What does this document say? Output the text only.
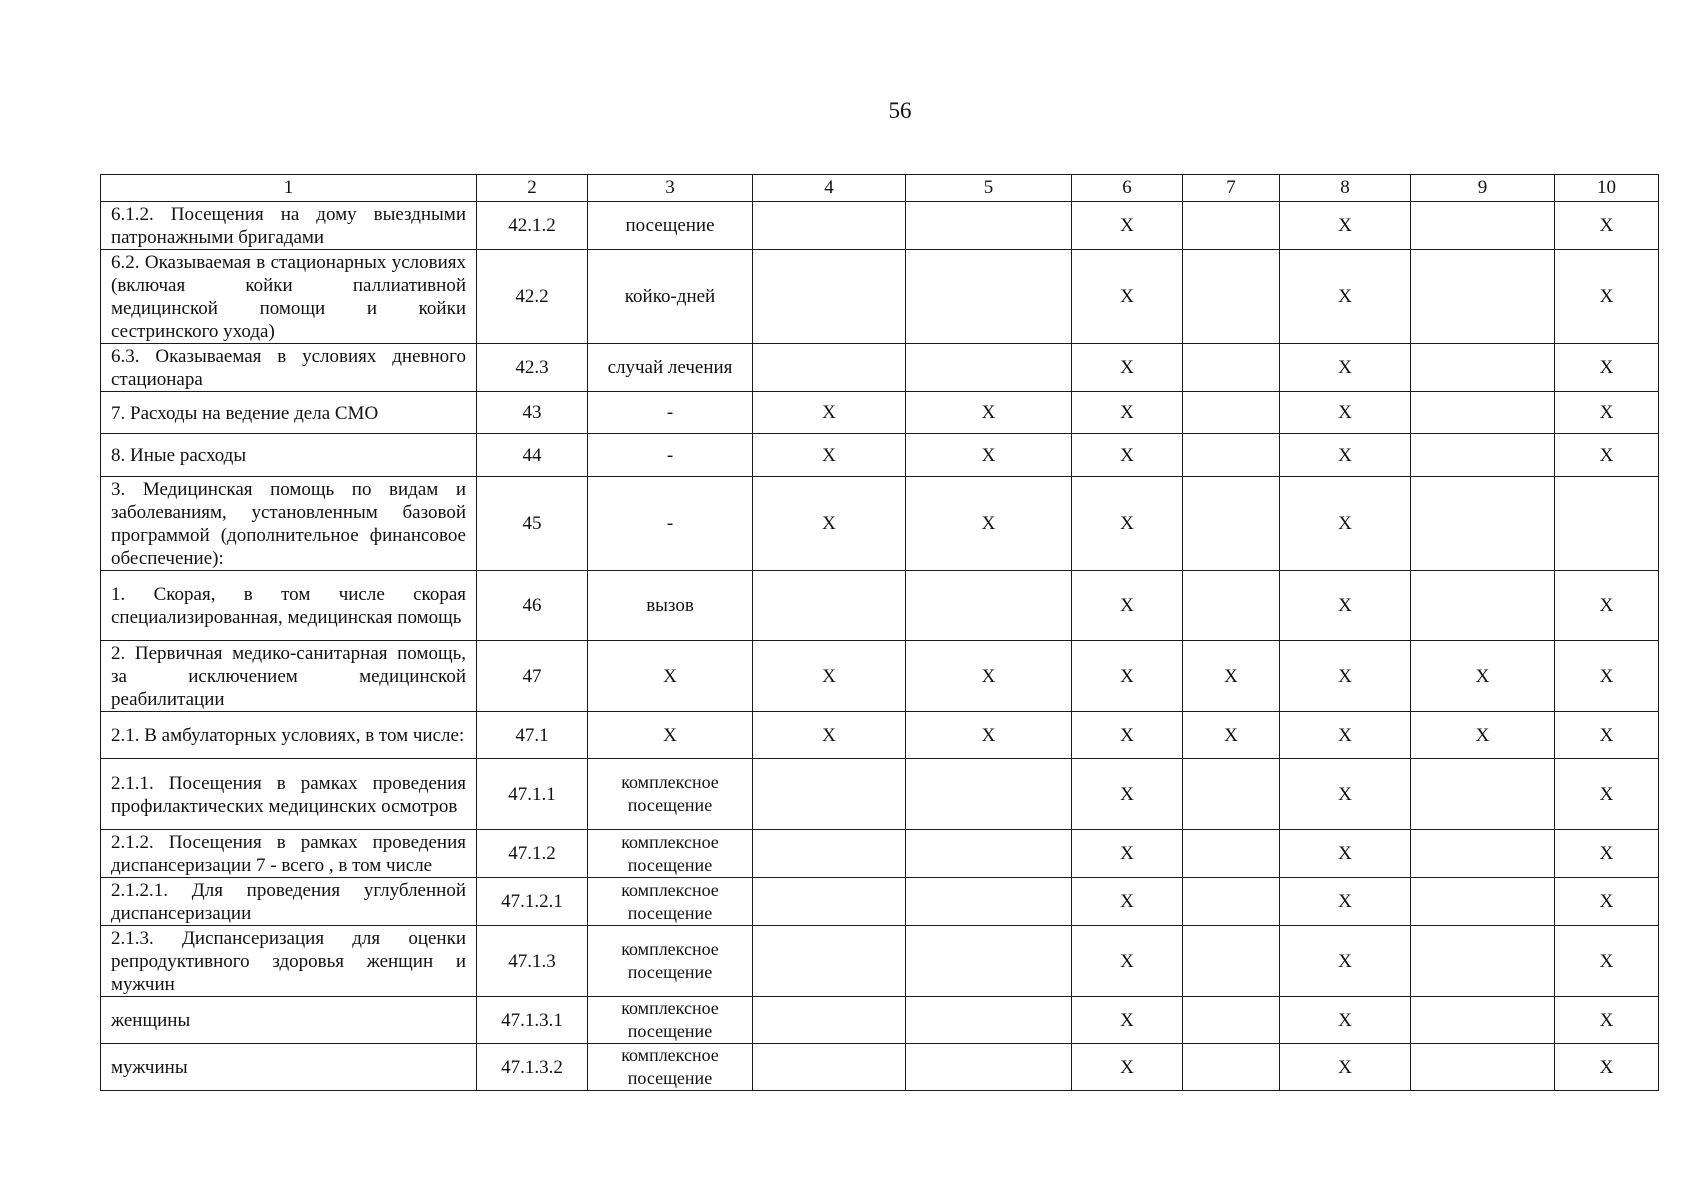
56
1	2	3	4	5	6	7	8	9	10
6.1.2. Посещения на дому выездными патронажными бригадами	42.1.2	посещение			X		X		X
6.2. Оказываемая в стационарных условиях (включая койки паллиативной медицинской помощи и койки сестринского ухода)	42.2	койко-дней			X		X		X
6.3. Оказываемая в условиях дневного стационара	42.3	случай лечения			X		X		X
7. Расходы на ведение дела СМО	43	-	X	X	X		X		X
8. Иные расходы	44	-	X	X	X		X		X
3. Медицинская помощь по видам и заболеваниям, установленным базовой программой (дополнительное финансовое обеспечение):	45	-	X	X	X		X		
1. Скорая, в том числе скорая специализированная, медицинская помощь	46	вызов			X		X		X
2. Первичная медико-санитарная помощь, за исключением медицинской реабилитации	47	X	X	X	X	X	X	X	X
2.1. В амбулаторных условиях, в том числе:	47.1	X	X	X	X	X	X	X	X
2.1.1. Посещения в рамках проведения профилактических медицинских осмотров	47.1.1	комплексное посещение			X		X		X
2.1.2. Посещения в рамках проведения диспансеризации 7 - всего , в том числе	47.1.2	комплексное посещение			X		X		X
2.1.2.1. Для проведения углубленной диспансеризации	47.1.2.1	комплексное посещение			X		X		X
2.1.3. Диспансеризация для оценки репродуктивного здоровья женщин и мужчин	47.1.3	комплексное посещение			X		X		X
женщины	47.1.3.1	комплексное посещение			X		X		X
мужчины	47.1.3.2	комплексное посещение			X		X		X
